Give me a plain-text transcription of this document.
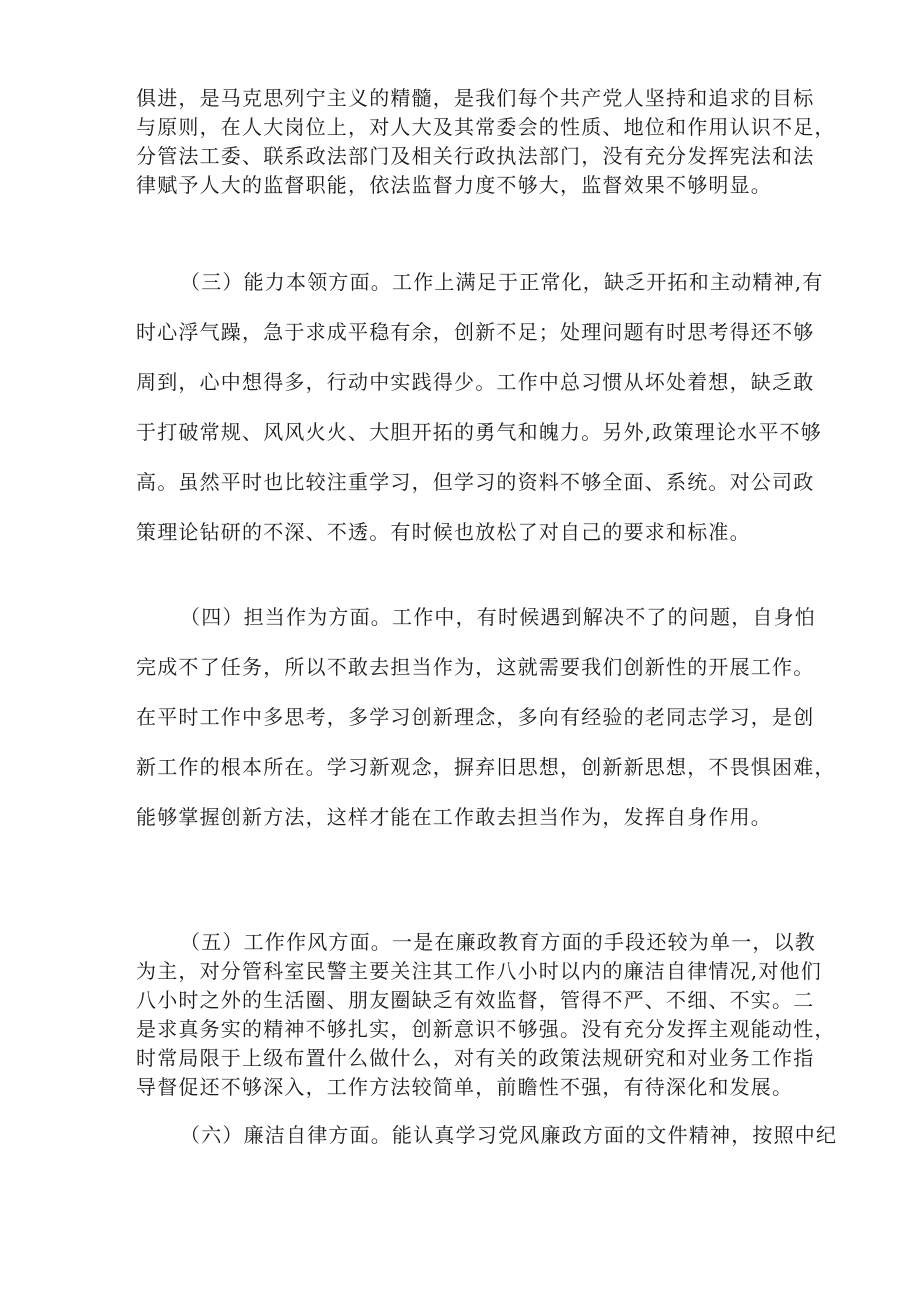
俱进，是马克思列宁主义的精髓，是我们每个共产党人坚持和追求的目标
与原则，在人大岗位上，对人大及其常委会的性质、地位和作用认识不足，
分管法工委、联系政法部门及相关行政执法部门，没有充分发挥宪法和法
律赋予人大的监督职能，依法监督力度不够大，监督效果不够明显。
（三）能力本领方面。工作上满足于正常化，缺乏开拓和主动精神,有
时心浮气躁，急于求成平稳有余，创新不足；处理问题有时思考得还不够
周到，心中想得多，行动中实践得少。工作中总习惯从坏处着想，缺乏敢
于打破常规、风风火火、大胆开拓的勇气和魄力。另外,政策理论水平不够
高。虽然平时也比较注重学习，但学习的资料不够全面、系统。对公司政
策理论钻研的不深、不透。有时候也放松了对自己的要求和标准。
（四）担当作为方面。工作中，有时候遇到解决不了的问题，自身怕
完成不了任务，所以不敢去担当作为，这就需要我们创新性的开展工作。
在平时工作中多思考，多学习创新理念，多向有经验的老同志学习，是创
新工作的根本所在。学习新观念，摒弃旧思想，创新新思想，不畏惧困难，
能够掌握创新方法，这样才能在工作敢去担当作为，发挥自身作用。
（五）工作作风方面。一是在廉政教育方面的手段还较为单一，以教
为主，对分管科室民警主要关注其工作八小时以内的廉洁自律情况,对他们
八小时之外的生活圈、朋友圈缺乏有效监督，管得不严、不细、不实。二
是求真务实的精神不够扎实，创新意识不够强。没有充分发挥主观能动性，
时常局限于上级布置什么做什么，对有关的政策法规研究和对业务工作指
导督促还不够深入，工作方法较简单，前瞻性不强，有待深化和发展。
（六）廉洁自律方面。能认真学习党风廉政方面的文件精神，按照中纪
